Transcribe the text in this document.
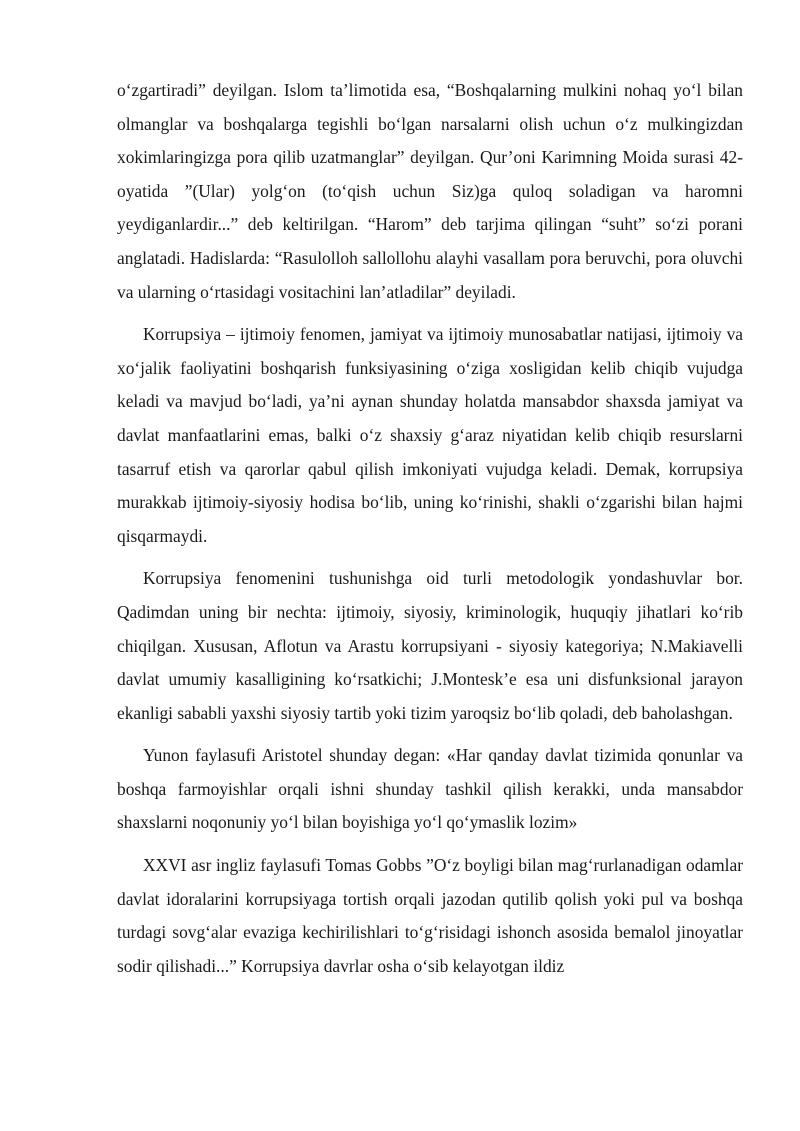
o‘zgartiradi” deyilgan. Islom ta’limotida esa, “Boshqalarning mulkini nohaq yo‘l bilan olmanglar va boshqalarga tegishli bo‘lgan narsalarni olish uchun o‘z mulkingizdan xokimlaringizga pora qilib uzatmanglar” deyilgan. Qur’oni Karimning Moida surasi 42-oyatida ”(Ular) yolg‘on (to‘qish uchun Siz)ga quloq soladigan va haromni yeydiganlardir...” deb keltirilgan. “Harom” deb tarjima qilingan “suht” so‘zi porani anglatadi. Hadislarda: “Rasulolloh sallollohu alayhi vasallam pora beruvchi, pora oluvchi va ularning o‘rtasidagi vositachini lan’atladilar” deyiladi.

Korrupsiya – ijtimoiy fenomen, jamiyat va ijtimoiy munosabatlar natijasi, ijtimoiy va xo‘jalik faoliyatini boshqarish funksiyasining o‘ziga xosligidan kelib chiqib vujudga keladi va mavjud bo‘ladi, ya’ni aynan shunday holatda mansabdor shaxsda jamiyat va davlat manfaatlarini emas, balki o‘z shaxsiy g‘araz niyatidan kelib chiqib resurslarni tasarruf etish va qarorlar qabul qilish imkoniyati vujudga keladi. Demak, korrupsiya murakkab ijtimoiy-siyosiy hodisa bo‘lib, uning ko‘rinishi, shakli o‘zgarishi bilan hajmi qisqarmaydi.

Korrupsiya fenomenini tushunishga oid turli metodologik yondashuvlar bor. Qadimdan uning bir nechta: ijtimoiy, siyosiy, kriminologik, huquqiy jihatlari ko‘rib chiqilgan. Xususan, Aflotun va Arastu korrupsiyani - siyosiy kategoriya; N.Makiavelli davlat umumiy kasalligining ko‘rsatkichi; J.Montesk’e esa uni disfunksional jarayon ekanligi sababli yaxshi siyosiy tartib yoki tizim yaroqsiz bo‘lib qoladi, deb baholashgan.

Yunon faylasufi Aristotel shunday degan: «Har qanday davlat tizimida qonunlar va boshqa farmoyishlar orqali ishni shunday tashkil qilish kerakki, unda mansabdor shaxslarni noqonuniy yo‘l bilan boyishiga yo‘l qo‘ymaslik lozim»

XXVI asr ingliz faylasufi Tomas Gobbs ”O‘z boyligi bilan mag‘rurlanadigan odamlar davlat idoralarini korrupsiyaga tortish orqali jazodan qutilib qolish yoki pul va boshqa turdagi sovg‘alar evaziga kechirilishlari to‘g‘risidagi ishonch asosida bemalol jinoyatlar sodir qilishadi...” Korrupsiya davrlar osha o‘sib kelayotgan ildiz
